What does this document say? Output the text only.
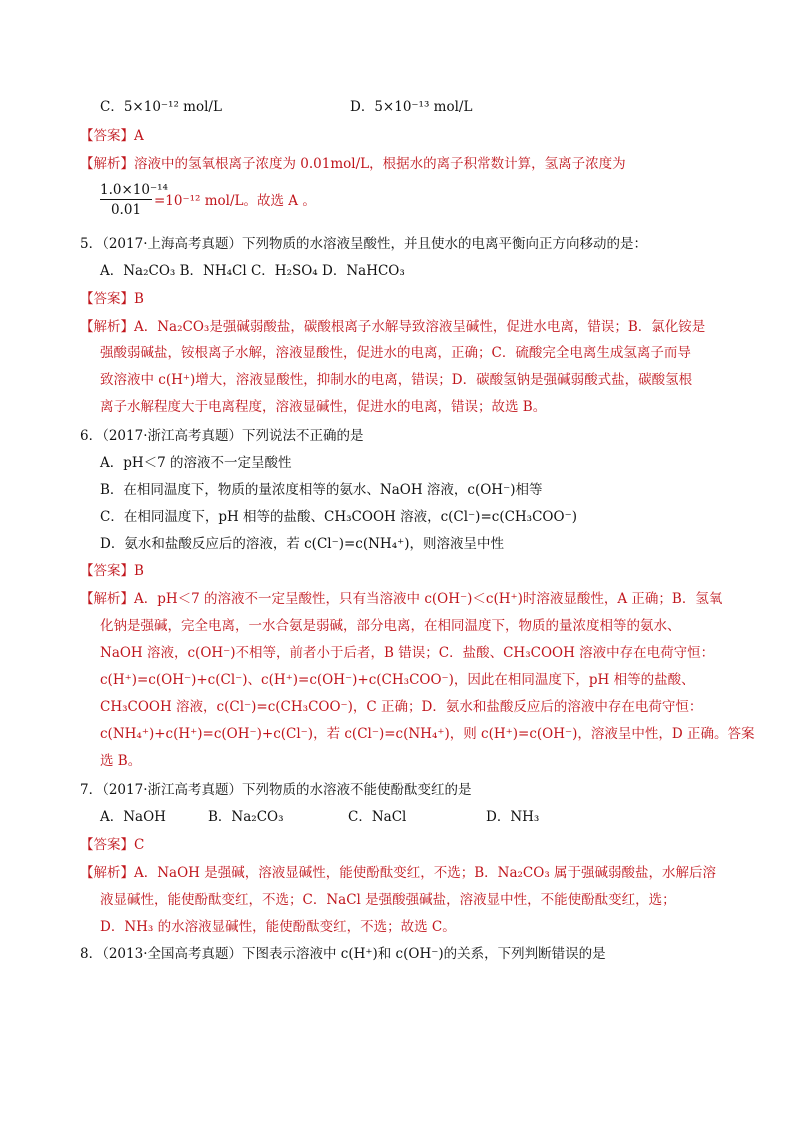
C．5×10⁻¹² mol/L	D．5×10⁻¹³ mol/L
【答案】A
【解析】溶液中的氢氧根离子浓度为 0.01mol/L，根据水的离子积常数计算，氢离子浓度为
$\frac{\text{1.0×10⁻¹⁴}}{0.01} =10^{-12}$ mol/L。故选 A 。
5．（2017·上海高考真题）下列物质的水溶液呈酸性，并且使水的电离平衡向正方向移动的是：
A．Na₂CO₃ B．NH₄Cl C．H₂SO₄ D．NaHCO₃
【答案】B
【解析】A．Na₂CO₃是强碱弱酸盐，碳酸根离子水解导致溶液呈碱性，促进水电离，错误；B．氯化铵是
强酸弱碱盐，铵根离子水解，溶液显酸性，促进水的电离，正确；C．硫酸完全电离生成氢离子而导
致溶液中 c(H⁺)增大，溶液显酸性，抑制水的电离，错误；D．碳酸氢钠是强碱弱酸式盐，碳酸氢根
离子水解程度大于电离程度，溶液显碱性，促进水的电离，错误；故选 B。
6．（2017·浙江高考真题）下列说法不正确的是
A．pH＜7 的溶液不一定呈酸性
B．在相同温度下，物质的量浓度相等的氨水、NaOH 溶液，c(OH⁻)相等
C．在相同温度下，pH 相等的盐酸、CH₃COOH 溶液，c(Cl⁻)=c(CH₃COO⁻)
D．氨水和盐酸反应后的溶液，若 c(Cl⁻)=c(NH₄⁺)，则溶液呈中性
【答案】B
【解析】A．pH＜7 的溶液不一定呈酸性，只有当溶液中 c(OH⁻)＜c(H⁺)时溶液显酸性，A 正确；B．氢氧
化钠是强碱，完全电离，一水合氨是弱碱，部分电离，在相同温度下，物质的量浓度相等的氨水、
NaOH 溶液，c(OH⁻)不相等，前者小于后者，B 错误；C．盐酸、CH₃COOH 溶液中存在电荷守恒：
c(H⁺)=c(OH⁻)+c(Cl⁻)、c(H⁺)=c(OH⁻)+c(CH₃COO⁻)，因此在相同温度下，pH 相等的盐酸、
CH₃COOH 溶液，c(Cl⁻)=c(CH₃COO⁻)，C 正确；D．氨水和盐酸反应后的溶液中存在电荷守恒：
c(NH₄⁺)+c(H⁺)=c(OH⁻)+c(Cl⁻)，若 c(Cl⁻)=c(NH₄⁺)，则 c(H⁺)=c(OH⁻)，溶液呈中性，D 正确。答案
选 B。
7．（2017·浙江高考真题）下列物质的水溶液不能使酚酞变红的是
A．NaOH	B．Na₂CO₃	C．NaCl	D．NH₃
【答案】C
【解析】A．NaOH 是强碱，溶液显碱性，能使酚酞变红，不选；B．Na₂CO₃ 属于强碱弱酸盐，水解后溶
液显碱性，能使酚酞变红，不选；C．NaCl 是强酸强碱盐，溶液显中性，不能使酚酞变红，选；
D．NH₃ 的水溶液显碱性，能使酚酞变红，不选；故选 C。
8．（2013·全国高考真题）下图表示溶液中 c(H⁺)和 c(OH⁻)的关系，下列判断错误的是
